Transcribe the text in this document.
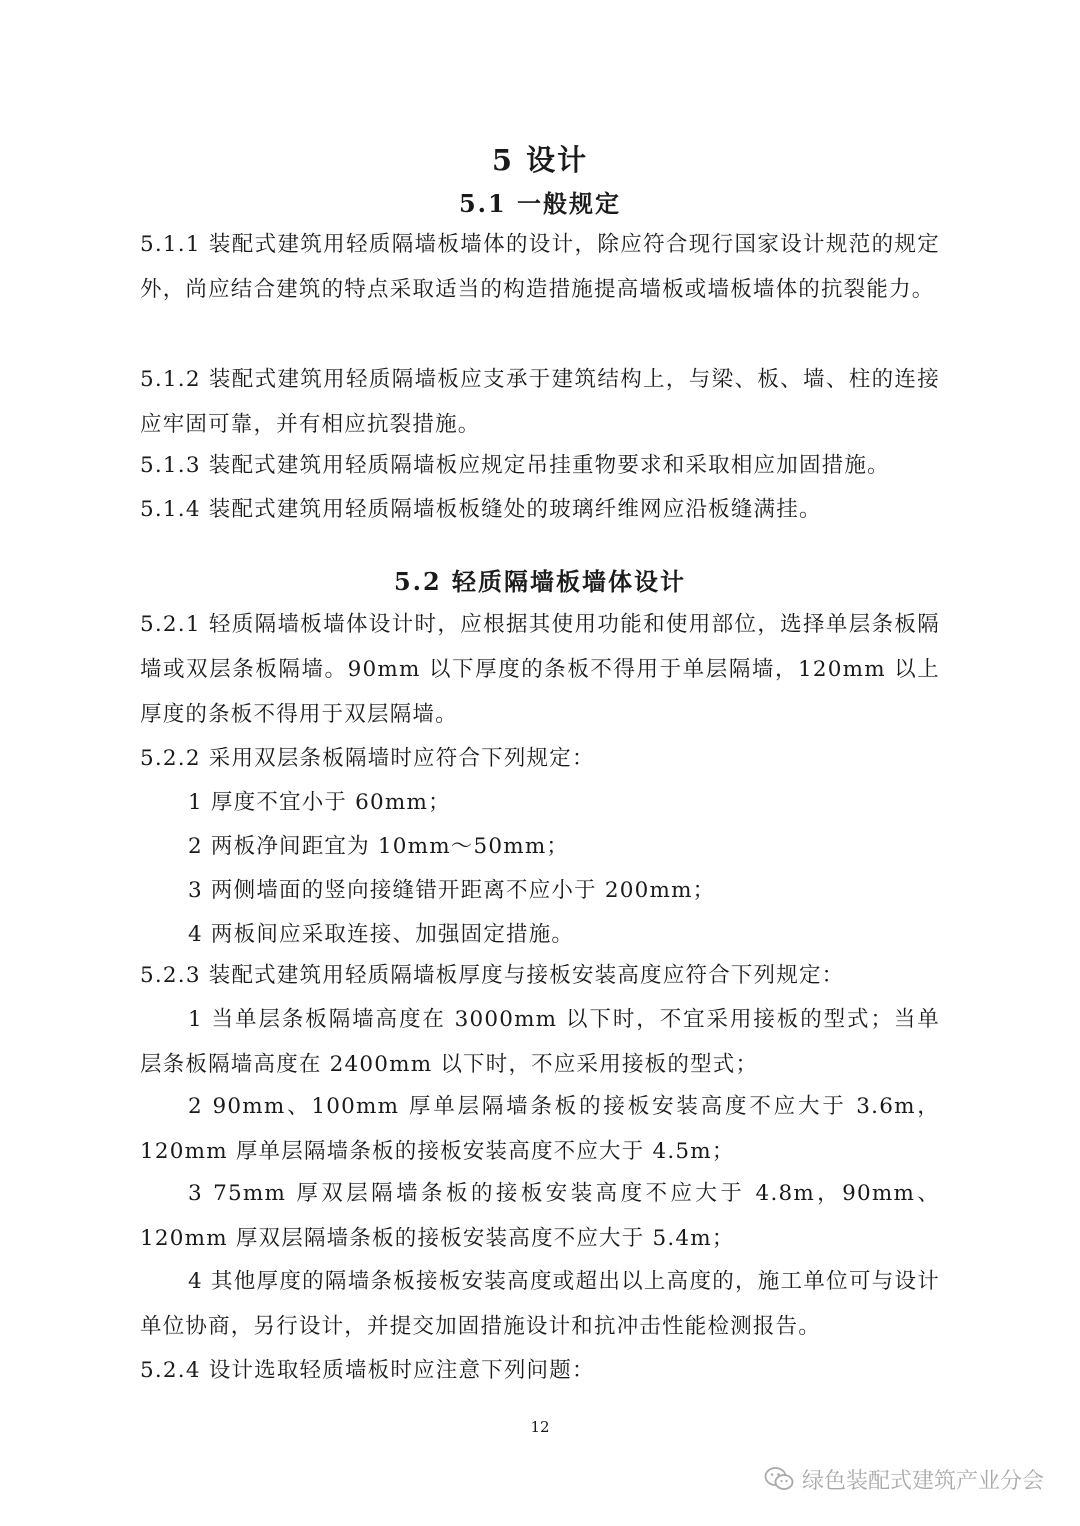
5 设计
5.1 一般规定

5.1.1 装配式建筑用轻质隔墙板墙体的设计，除应符合现行国家设计规范的规定外，尚应结合建筑的特点采取适当的构造措施提高墙板或墙板墙体的抗裂能力。

5.1.2 装配式建筑用轻质隔墙板应支承于建筑结构上，与梁、板、墙、柱的连接应牢固可靠，并有相应抗裂措施。

5.1.3 装配式建筑用轻质隔墙板应规定吊挂重物要求和采取相应加固措施。

5.1.4 装配式建筑用轻质隔墙板板缝处的玻璃纤维网应沿板缝满挂。

5.2 轻质隔墙板墙体设计

5.2.1 轻质隔墙板墙体设计时，应根据其使用功能和使用部位，选择单层条板隔墙或双层条板隔墙。90mm 以下厚度的条板不得用于单层隔墙，120mm 以上厚度的条板不得用于双层隔墙。

5.2.2 采用双层条板隔墙时应符合下列规定：

1 厚度不宜小于 60mm；

2 两板净间距宜为 10mm～50mm；

3 两侧墙面的竖向接缝错开距离不应小于 200mm；

4 两板间应采取连接、加强固定措施。

5.2.3 装配式建筑用轻质隔墙板厚度与接板安装高度应符合下列规定：

1 当单层条板隔墙高度在 3000mm 以下时，不宜采用接板的型式；当单层条板隔墙高度在 2400mm 以下时，不应采用接板的型式；

2 90mm、100mm 厚单层隔墙条板的接板安装高度不应大于 3.6m，120mm 厚单层隔墙条板的接板安装高度不应大于 4.5m；

3 75mm 厚双层隔墙条板的接板安装高度不应大于 4.8m，90mm、120mm 厚双层隔墙条板的接板安装高度不应大于 5.4m；

4 其他厚度的隔墙条板接板安装高度或超出以上高度的，施工单位可与设计单位协商，另行设计，并提交加固措施设计和抗冲击性能检测报告。

5.2.4 设计选取轻质墙板时应注意下列问题：

12
绿色装配式建筑产业分会
